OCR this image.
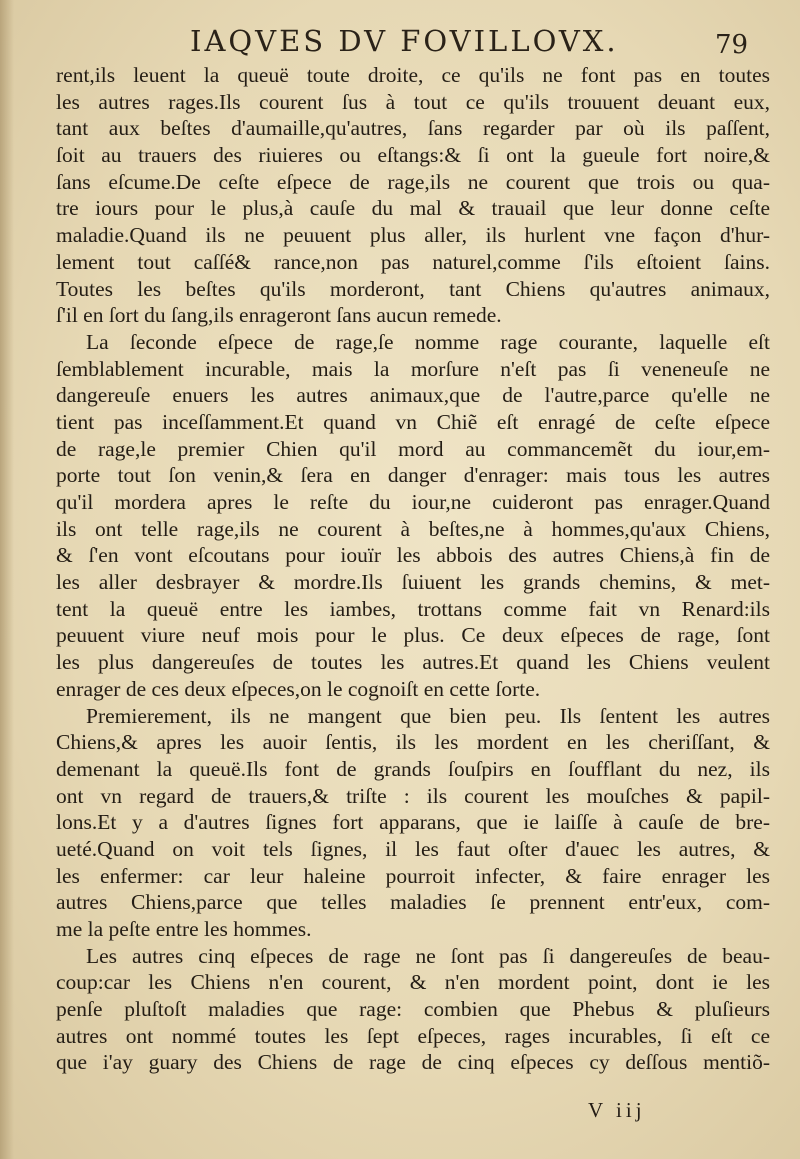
IAQVES DV FOVILLOVX.	79
rent,ils leuent la queuë toute droite, ce qu'ils ne font pas en toutes
les autres rages.Ils courent ſus à tout ce qu'ils trouuent deuant eux,
tant aux beſtes d'aumaille,qu'autres, ſans regarder par où ils paſſent,
ſoit au trauers des riuieres ou eſtangs:& ſi ont la gueule fort noire,&
ſans eſcume.De ceſte eſpece de rage,ils ne courent que trois ou qua-
tre iours pour le plus,à cauſe du mal & trauail que leur donne ceſte
maladie.Quand ils ne peuuent plus aller, ils hurlent vne façon d'hur-
lement tout caſſé& rance,non pas naturel,comme ſ'ils eſtoient ſains.
Toutes les beſtes qu'ils morderont, tant Chiens qu'autres animaux,
ſ'il en ſort du ſang,ils enrageront ſans aucun remede.
La ſeconde eſpece de rage,ſe nomme rage courante, laquelle eſt
ſemblablement incurable, mais la morſure n'eſt pas ſi veneneuſe ne
dangereuſe enuers les autres animaux,que de l'autre,parce qu'elle ne
tient pas inceſſamment.Et quand vn Chiẽ eſt enragé de ceſte eſpece
de rage,le premier Chien qu'il mord au commancemẽt du iour,em-
porte tout ſon venin,& ſera en danger d'enrager: mais tous les autres
qu'il mordera apres le reſte du iour,ne cuideront pas enrager.Quand
ils ont telle rage,ils ne courent à beſtes,ne à hommes,qu'aux Chiens,
& ſ'en vont eſcoutans pour iouïr les abbois des autres Chiens,à fin de
les aller desbrayer & mordre.Ils ſuiuent les grands chemins, & met-
tent la queuë entre les iambes, trottans comme fait vn Renard:ils
peuuent viure neuf mois pour le plus. Ce deux eſpeces de rage, ſont
les plus dangereuſes de toutes les autres.Et quand les Chiens veulent
enrager de ces deux eſpeces,on le cognoiſt en cette ſorte.
Premierement, ils ne mangent que bien peu. Ils ſentent les autres
Chiens,& apres les auoir ſentis, ils les mordent en les cheriſſant, &
demenant la queuë.Ils font de grands ſouſpirs en ſoufflant du nez, ils
ont vn regard de trauers,& triſte : ils courent les mouſches & papil-
lons.Et y a d'autres ſignes fort apparans, que ie laiſſe à cauſe de bre-
ueté.Quand on voit tels ſignes, il les faut oſter d'auec les autres, &
les enfermer: car leur haleine pourroit infecter, & faire enrager les
autres Chiens,parce que telles maladies ſe prennent entr'eux, com-
me la peſte entre les hommes.
Les autres cinq eſpeces de rage ne ſont pas ſi dangereuſes de beau-
coup:car les Chiens n'en courent, & n'en mordent point, dont ie les
penſe pluſtoſt maladies que rage: combien que Phebus & pluſieurs
autres ont nommé toutes les ſept eſpeces, rages incurables, ſi eſt ce
que i'ay guary des Chiens de rage de cinq eſpeces cy deſſous mentiõ-
V iij
